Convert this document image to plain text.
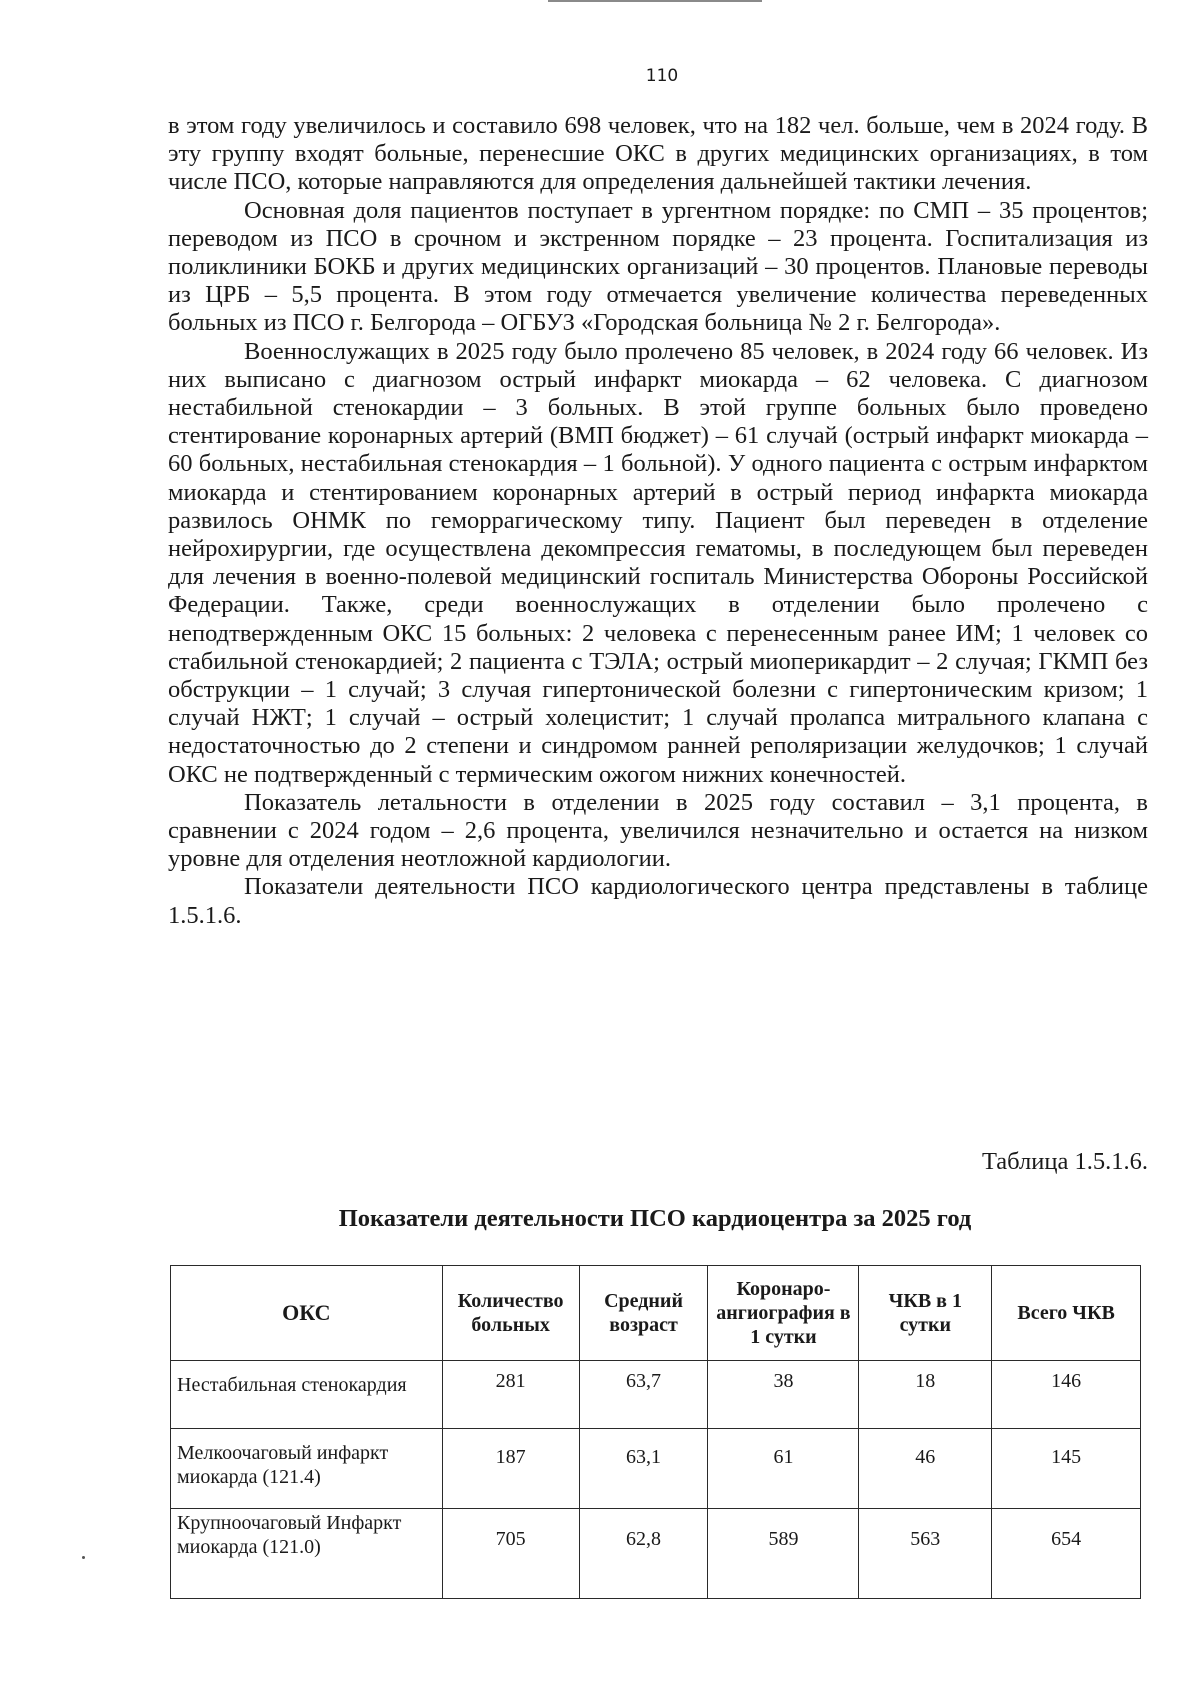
110

в этом году увеличилось и составило 698 человек, что на 182 чел. больше, чем в 2024 году. В эту группу входят больные, перенесшие ОКС в других медицинских организациях, в том числе ПСО, которые направляются для определения дальнейшей тактики лечения.

Основная доля пациентов поступает в ургентном порядке: по СМП – 35 процентов; переводом из ПСО в срочном и экстренном порядке – 23 процента. Госпитализация из поликлиники БОКБ и других медицинских организаций – 30 процентов. Плановые переводы из ЦРБ – 5,5 процента. В этом году отмечается увеличение количества переведенных больных из ПСО г. Белгорода – ОГБУЗ «Городская больница № 2 г. Белгорода».

Военнослужащих в 2025 году было пролечено 85 человек, в 2024 году 66 человек. Из них выписано с диагнозом острый инфаркт миокарда – 62 человека. С диагнозом нестабильной стенокардии – 3 больных. В этой группе больных было проведено стентирование коронарных артерий (ВМП бюджет) – 61 случай (острый инфаркт миокарда – 60 больных, нестабильная стенокардия – 1 больной). У одного пациента с острым инфарктом миокарда и стентированием коронарных артерий в острый период инфаркта миокарда развилось ОНМК по геморрагическому типу. Пациент был переведен в отделение нейрохирургии, где осуществлена декомпрессия гематомы, в последующем был переведен для лечения в военно-полевой медицинский госпиталь Министерства Обороны Российской Федерации. Также, среди военнослужащих в отделении было пролечено с неподтвержденным ОКС 15 больных: 2 человека с перенесенным ранее ИМ; 1 человек со стабильной стенокардией; 2 пациента с ТЭЛА; острый миоперикардит – 2 случая; ГКМП без обструкции – 1 случай; 3 случая гипертонической болезни с гипертоническим кризом; 1 случай НЖТ; 1 случай – острый холецистит; 1 случай пролапса митрального клапана с недостаточностью до 2 степени и синдромом ранней реполяризации желудочков; 1 случай ОКС не подтвержденный с термическим ожогом нижних конечностей.

Показатель летальности в отделении в 2025 году составил – 3,1 процента, в сравнении с 2024 годом – 2,6 процента, увеличился незначительно и остается на низком уровне для отделения неотложной кардиологии.

Показатели деятельности ПСО кардиологического центра представлены в таблице 1.5.1.6.

Таблица 1.5.1.6.
Показатели деятельности ПСО кардиоцентра за 2025 год
ОКС	Количество больных	Средний возраст	Коронаро-ангиография в 1 сутки	ЧКВ в 1 сутки	Всего ЧКВ
Нестабильная стенокардия	281	63,7	38	18	146
Мелкоочаговый инфаркт миокарда (121.4)	187	63,1	61	46	145
Крупноочаговый Инфаркт миокарда (121.0)	705	62,8	589	563	654
